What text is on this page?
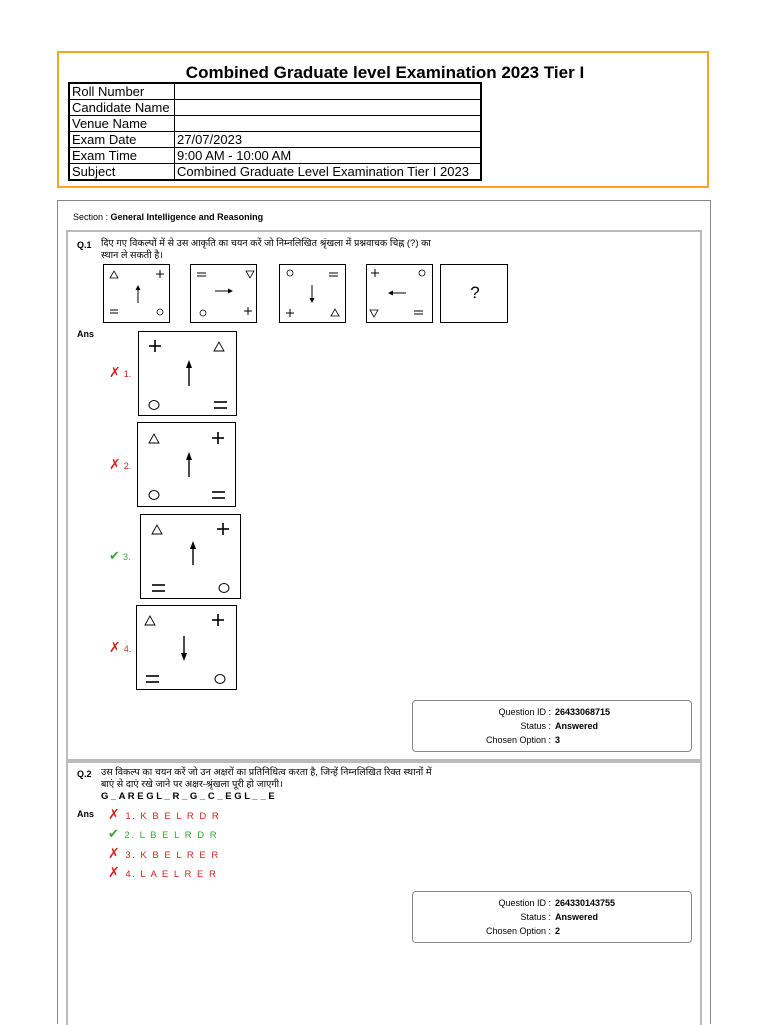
Combined Graduate level Examination 2023 Tier I
Roll Number	
Candidate Name	
Venue Name	
Exam Date	27/07/2023
Exam Time	9:00 AM - 10:00 AM
Subject	Combined Graduate Level Examination Tier I 2023
Section : General Intelligence and Reasoning
Q.1 दिए गए विकल्पों में से उस आकृति का चयन करें जो निम्नलिखित श्रृंखला में प्रश्नवाचक चिह्न (?) का
स्थान ले सकती है।
?
Ans
✗ 1.
✗ 2.
✔ 3.
✗ 4.
Question ID : 26433068715
Status : Answered
Chosen Option : 3
Q.2 उस विकल्प का चयन करें जो उन अक्षरों का प्रतिनिधित्व करता है, जिन्हें निम्नलिखित रिक्त स्थानों में
बाएं से दाएं रखे जाने पर अक्षर-श्रृंखला पूरी हो जाएगी।
G _ A R E G L _ R _ G _ C _ E G L _ _ E
Ans ✗ 1. K B E L R D R
✔ 2. L B E L R D R
✗ 3. K B E L R E R
✗ 4. L A E L R E R
Question ID : 264330143755
Status : Answered
Chosen Option : 2
